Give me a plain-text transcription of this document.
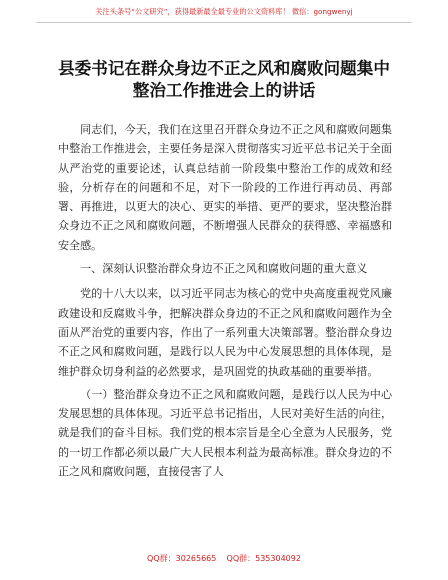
关注头条号“公文研究”，获得最新最全最专业的公文资料库！ 微信：gongwenyj
县委书记在群众身边不正之风和腐败问题集中
整治工作推进会上的讲话

同志们，今天，我们在这里召开群众身边不正之风和腐败问题集中整治工作推进会，主要任务是深入贯彻落实习近平总书记关于全面从严治党的重要论述，认真总结前一阶段集中整治工作的成效和经验，分析存在的问题和不足，对下一阶段的工作进行再动员、再部署、再推进，以更大的决心、更实的举措、更严的要求，坚决整治群众身边不正之风和腐败问题，不断增强人民群众的获得感、幸福感和安全感。

一、深刻认识整治群众身边不正之风和腐败问题的重大意义

党的十八大以来，以习近平同志为核心的党中央高度重视党风廉政建设和反腐败斗争，把解决群众身边的不正之风和腐败问题作为全面从严治党的重要内容，作出了一系列重大决策部署。整治群众身边不正之风和腐败问题，是践行以人民为中心发展思想的具体体现，是维护群众切身利益的必然要求，是巩固党的执政基础的重要举措。

（一）整治群众身边不正之风和腐败问题，是践行以人民为中心发展思想的具体体现。习近平总书记指出，人民对美好生活的向往，就是我们的奋斗目标。我们党的根本宗旨是全心全意为人民服务，党的一切工作都必须以最广大人民根本利益为最高标准。群众身边的不正之风和腐败问题，直接侵害了人

QQ群：30265665 QQ群：535304092
